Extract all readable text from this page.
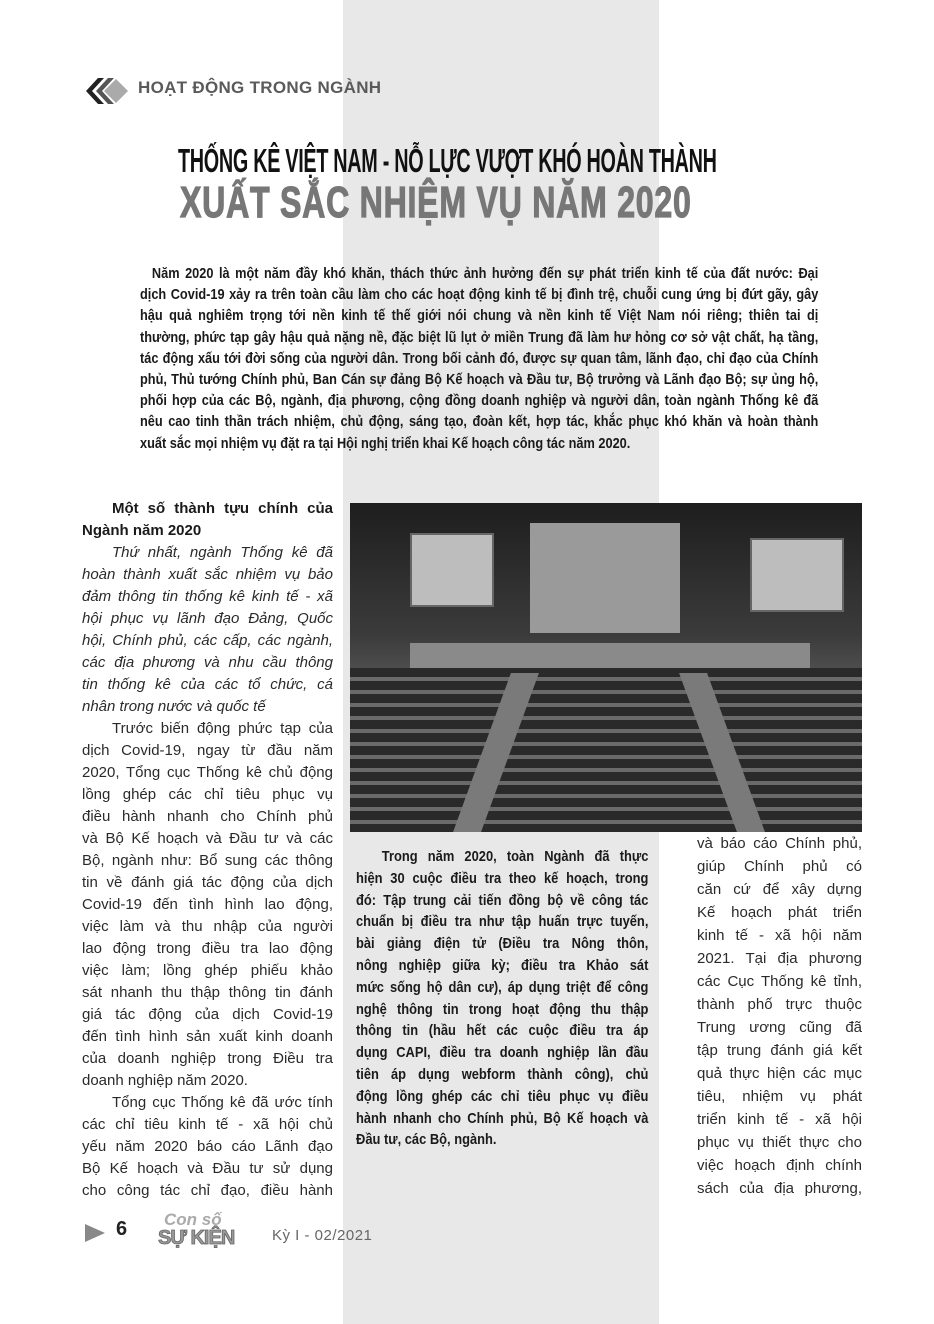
HOẠT ĐỘNG TRONG NGÀNH
THỐNG KÊ VIỆT NAM - NỖ LỰC VƯỢT KHÓ HOÀN THÀNH
XUẤT SẮC NHIỆM VỤ NĂM 2020
Năm 2020 là một năm đầy khó khăn, thách thức ảnh hưởng đến sự phát triển kinh tế của đất nước: Đại
dịch Covid-19 xảy ra trên toàn cầu làm cho các hoạt động kinh tế bị đình trệ, chuỗi cung ứng bị đứt gãy, gây
hậu quả nghiêm trọng tới nền kinh tế thế giới nói chung và nền kinh tế Việt Nam nói riêng; thiên tai dị
thường, phức tạp gây hậu quả nặng nề, đặc biệt lũ lụt ở miền Trung đã làm hư hỏng cơ sở vật chất, hạ tầng,
tác động xấu tới đời sống của người dân. Trong bối cảnh đó, được sự quan tâm, lãnh đạo, chỉ đạo của Chính
phủ, Thủ tướng Chính phủ, Ban Cán sự đảng Bộ Kế hoạch và Đầu tư, Bộ trưởng và Lãnh đạo Bộ; sự ủng hộ,
phối hợp của các Bộ, ngành, địa phương, cộng đồng doanh nghiệp và người dân, toàn ngành Thống kê đã
nêu cao tinh thần trách nhiệm, chủ động, sáng tạo, đoàn kết, hợp tác, khắc phục khó khăn và hoàn thành
xuất sắc mọi nhiệm vụ đặt ra tại Hội nghị triển khai Kế hoạch công tác năm 2020.
Một số thành tựu chính của
Ngành năm 2020
Thứ nhất, ngành Thống kê đã
hoàn thành xuất sắc nhiệm vụ bảo
đảm thông tin thống kê kinh tế - xã
hội phục vụ lãnh đạo Đảng, Quốc
hội, Chính phủ, các cấp, các ngành,
các địa phương và nhu cầu thông
tin thống kê của các tổ chức, cá
nhân trong nước và quốc tế
Trước biến động phức tạp của
dịch Covid-19, ngay từ đầu năm
2020, Tổng cục Thống kê chủ động
lồng ghép các chỉ tiêu phục vụ
điều hành nhanh cho Chính phủ
và Bộ Kế hoạch và Đầu tư và các
Bộ, ngành như: Bổ sung các thông
tin về đánh giá tác động của dịch
Covid-19 đến tình hình lao động,
việc làm và thu nhập của người
lao động trong điều tra lao động
việc làm; lồng ghép phiếu khảo
sát nhanh thu thập thông tin đánh
giá tác động của dịch Covid-19
đến tình hình sản xuất kinh doanh
của doanh nghiệp trong Điều tra
doanh nghiệp năm 2020.
Tổng cục Thống kê đã ước tính
các chỉ tiêu kinh tế - xã hội chủ
yếu năm 2020 báo cáo Lãnh đạo
Bộ Kế hoạch và Đầu tư sử dụng
cho công tác chỉ đạo, điều hành
Trong năm 2020, toàn Ngành đã thực
hiện 30 cuộc điều tra theo kế hoạch, trong
đó: Tập trung cải tiến đồng bộ về công tác
chuẩn bị điều tra như tập huấn trực tuyến,
bài giảng điện tử (Điều tra Nông thôn,
nông nghiệp giữa kỳ; điều tra Khảo sát
mức sống hộ dân cư), áp dụng triệt để công
nghệ thông tin trong hoạt động thu thập
thông tin (hầu hết các cuộc điều tra áp
dụng CAPI, điều tra doanh nghiệp lần đầu
tiên áp dụng webform thành công), chủ
động lồng ghép các chỉ tiêu phục vụ điều
hành nhanh cho Chính phủ, Bộ Kế hoạch và
Đầu tư, các Bộ, ngành.
và báo cáo Chính phủ,
giúp Chính phủ có
căn cứ để xây dựng
Kế hoạch phát triển
kinh tế - xã hội năm
2021. Tại địa phương
các Cục Thống kê tỉnh,
thành phố trực thuộc
Trung ương cũng đã
tập trung đánh giá kết
quả thực hiện các mục
tiêu, nhiệm vụ phát
triển kinh tế - xã hội
phục vụ thiết thực cho
việc hoạch định chính
sách của địa phương,
6 Con số
SỰ KIỆN	Kỳ I - 02/2021
